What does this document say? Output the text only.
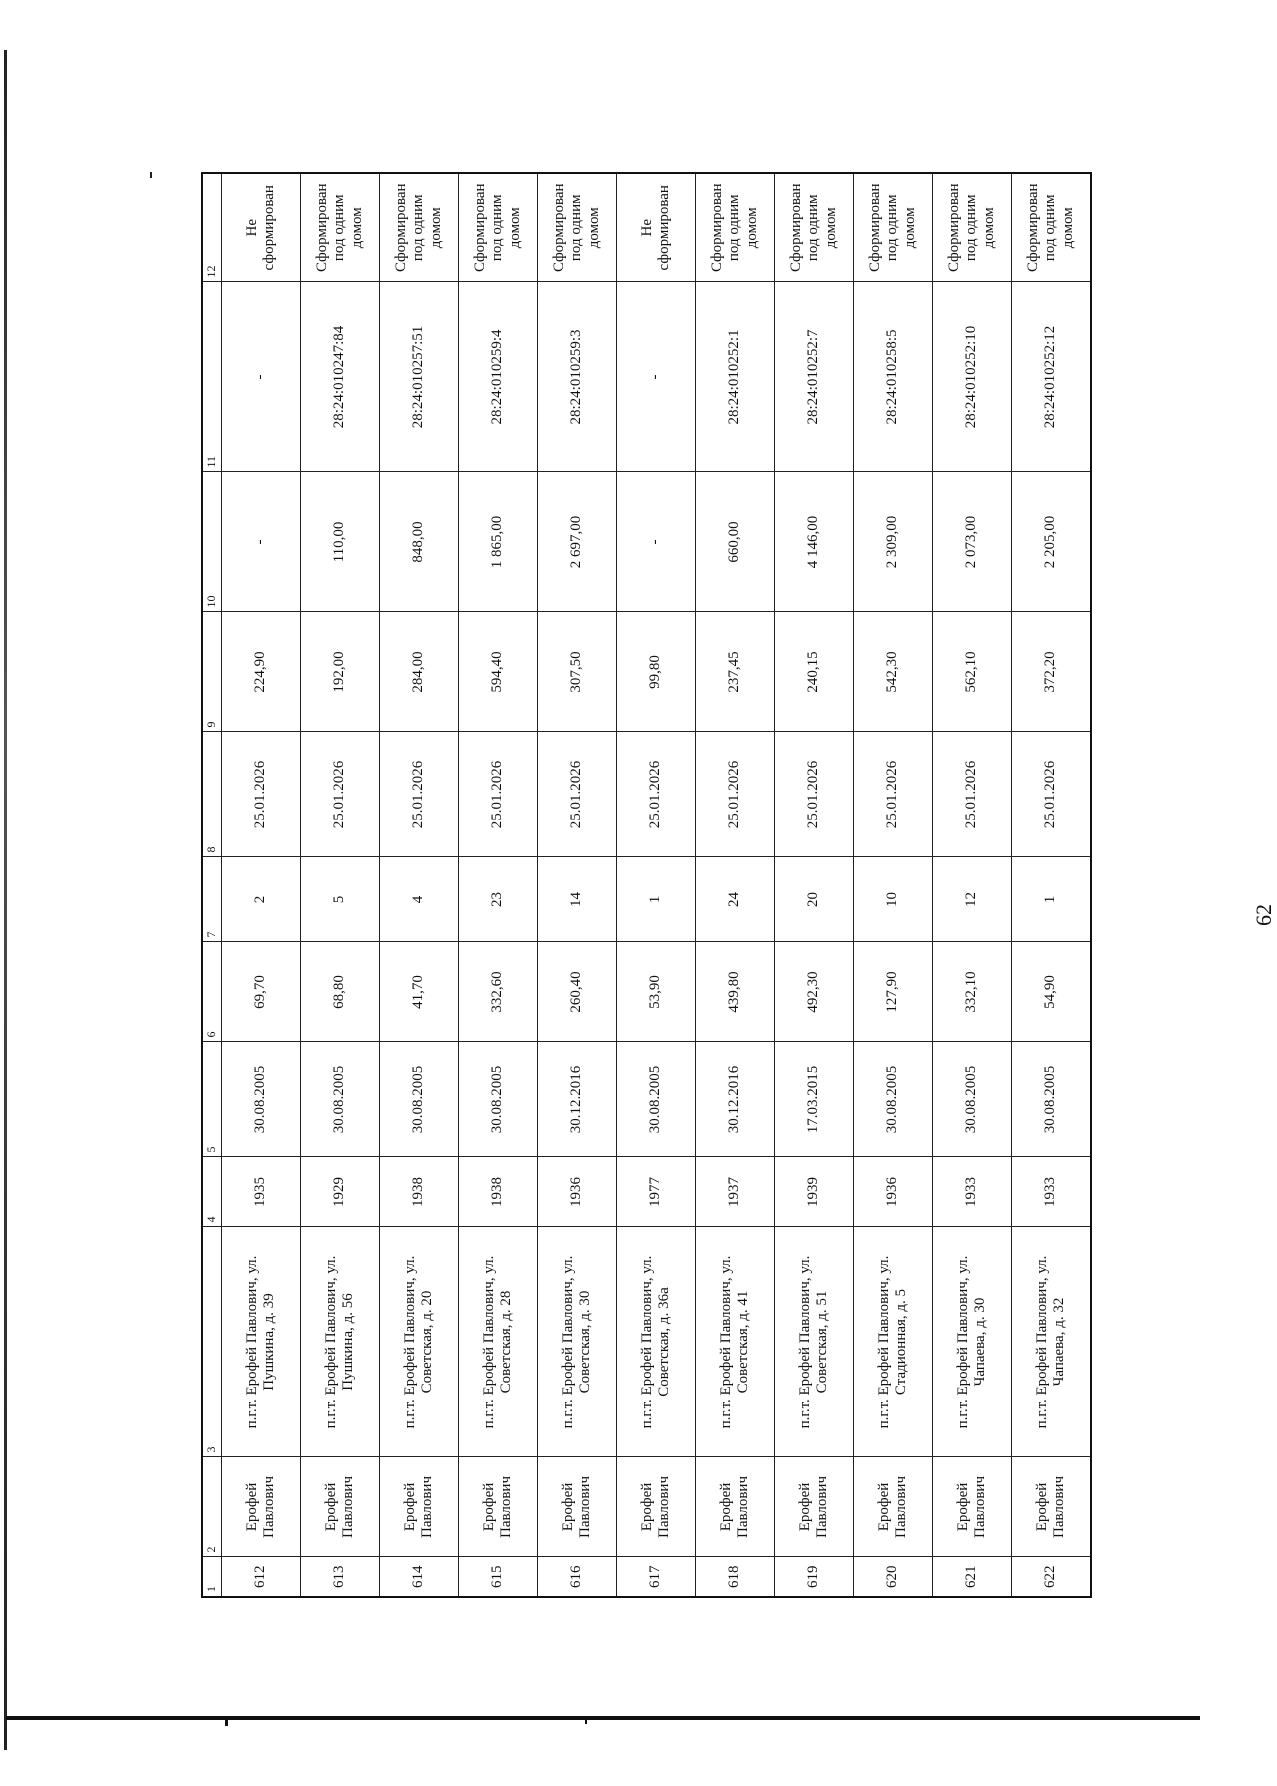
1	2	3	4	5	6	7	8	9	10	11	12
612	Ерофей Павлович	п.г.т. Ерофей Павлович, ул. Пушкина, д. 39	1935	30.08.2005	69,70	2	25.01.2026	224,90	-	-	Не сформирован
613	Ерофей Павлович	п.г.т. Ерофей Павлович, ул. Пушкина, д. 56	1929	30.08.2005	68,80	5	25.01.2026	192,00	110,00	28:24:010247:84	Сформирован под одним домом
614	Ерофей Павлович	п.г.т. Ерофей Павлович, ул. Советская, д. 20	1938	30.08.2005	41,70	4	25.01.2026	284,00	848,00	28:24:010257:51	Сформирован под одним домом
615	Ерофей Павлович	п.г.т. Ерофей Павлович, ул. Советская, д. 28	1938	30.08.2005	332,60	23	25.01.2026	594,40	1 865,00	28:24:010259:4	Сформирован под одним домом
616	Ерофей Павлович	п.г.т. Ерофей Павлович, ул. Советская, д. 30	1936	30.12.2016	260,40	14	25.01.2026	307,50	2 697,00	28:24:010259:3	Сформирован под одним домом
617	Ерофей Павлович	п.г.т. Ерофей Павлович, ул. Советская, д. 36а	1977	30.08.2005	53,90	1	25.01.2026	99,80	-	-	Не сформирован
618	Ерофей Павлович	п.г.т. Ерофей Павлович, ул. Советская, д. 41	1937	30.12.2016	439,80	24	25.01.2026	237,45	660,00	28:24:010252:1	Сформирован под одним домом
619	Ерофей Павлович	п.г.т. Ерофей Павлович, ул. Советская, д. 51	1939	17.03.2015	492,30	20	25.01.2026	240,15	4 146,00	28:24:010252:7	Сформирован под одним домом
620	Ерофей Павлович	п.г.т. Ерофей Павлович, ул. Стадионная, д. 5	1936	30.08.2005	127,90	10	25.01.2026	542,30	2 309,00	28:24:010258:5	Сформирован под одним домом
621	Ерофей Павлович	п.г.т. Ерофей Павлович, ул. Чапаева, д. 30	1933	30.08.2005	332,10	12	25.01.2026	562,10	2 073,00	28:24:010252:10	Сформирован под одним домом
622	Ерофей Павлович	п.г.т. Ерофей Павлович, ул. Чапаева, д. 32	1933	30.08.2005	54,90	1	25.01.2026	372,20	2 205,00	28:24:010252:12	Сформирован под одним домом
62
